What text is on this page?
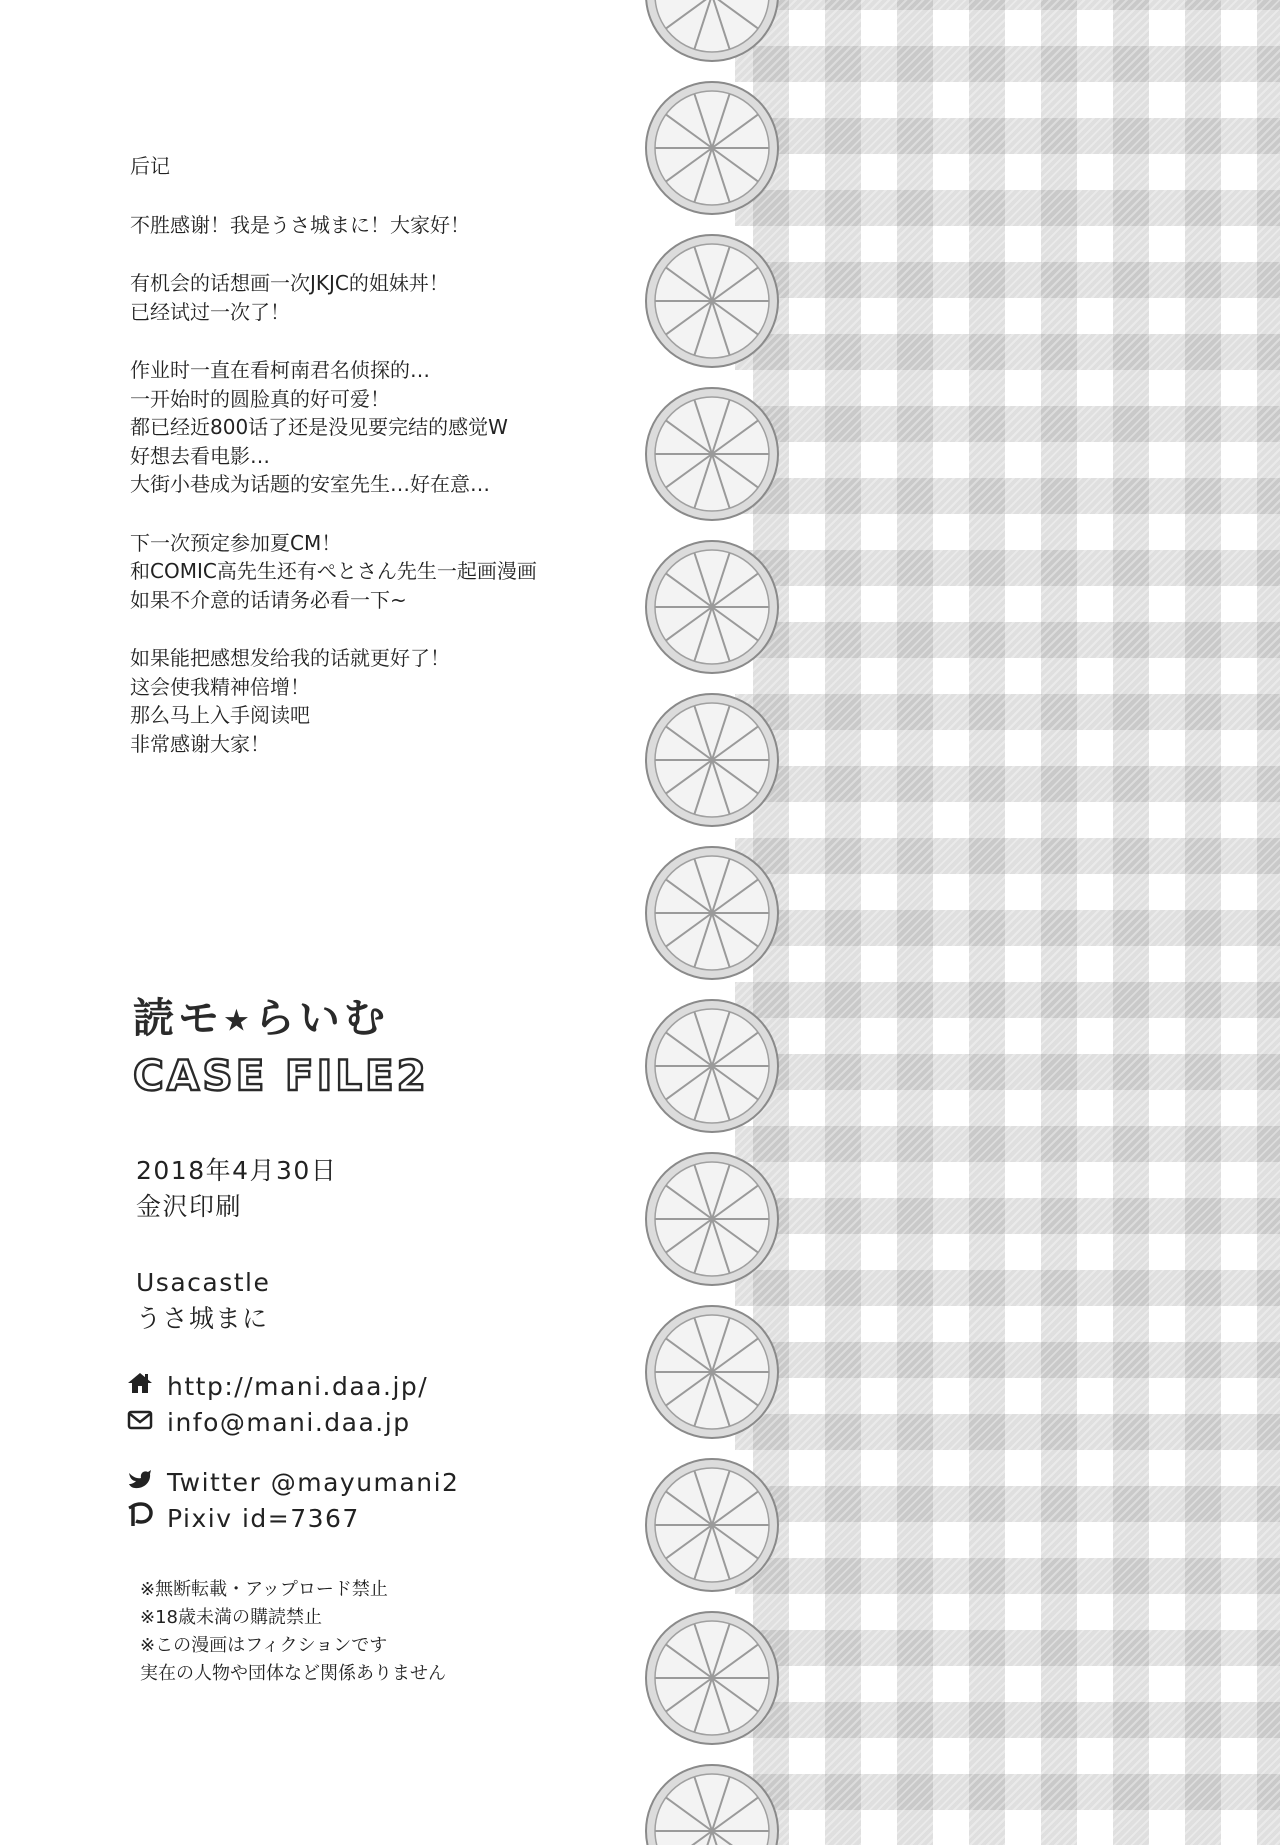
后记
不胜感谢！我是うさ城まに！大家好！
有机会的话想画一次JKJC的姐妹丼！
已经试过一次了！
作业时一直在看柯南君名侦探的…
一开始时的圆脸真的好可爱！
都已经近800话了还是没见要完结的感觉W
好想去看电影…
大街小巷成为话题的安室先生…好在意…
下一次预定参加夏CM！
和COMIC高先生还有ぺとさん先生一起画漫画
如果不介意的话请务必看一下~
如果能把感想发给我的话就更好了！
这会使我精神倍增！
那么马上入手阅读吧
非常感谢大家！
読モ★らいむ
CASE FILE2
2018年4月30日
金沢印刷
Usacastle
うさ城まに
http://mani.daa.jp/
info@mani.daa.jp
Twitter @mayumani2
Pixiv id=7367
※無断転載・アップロード禁止
※18歳未満の購読禁止
※この漫画はフィクションです
実在の人物や団体など関係ありません
